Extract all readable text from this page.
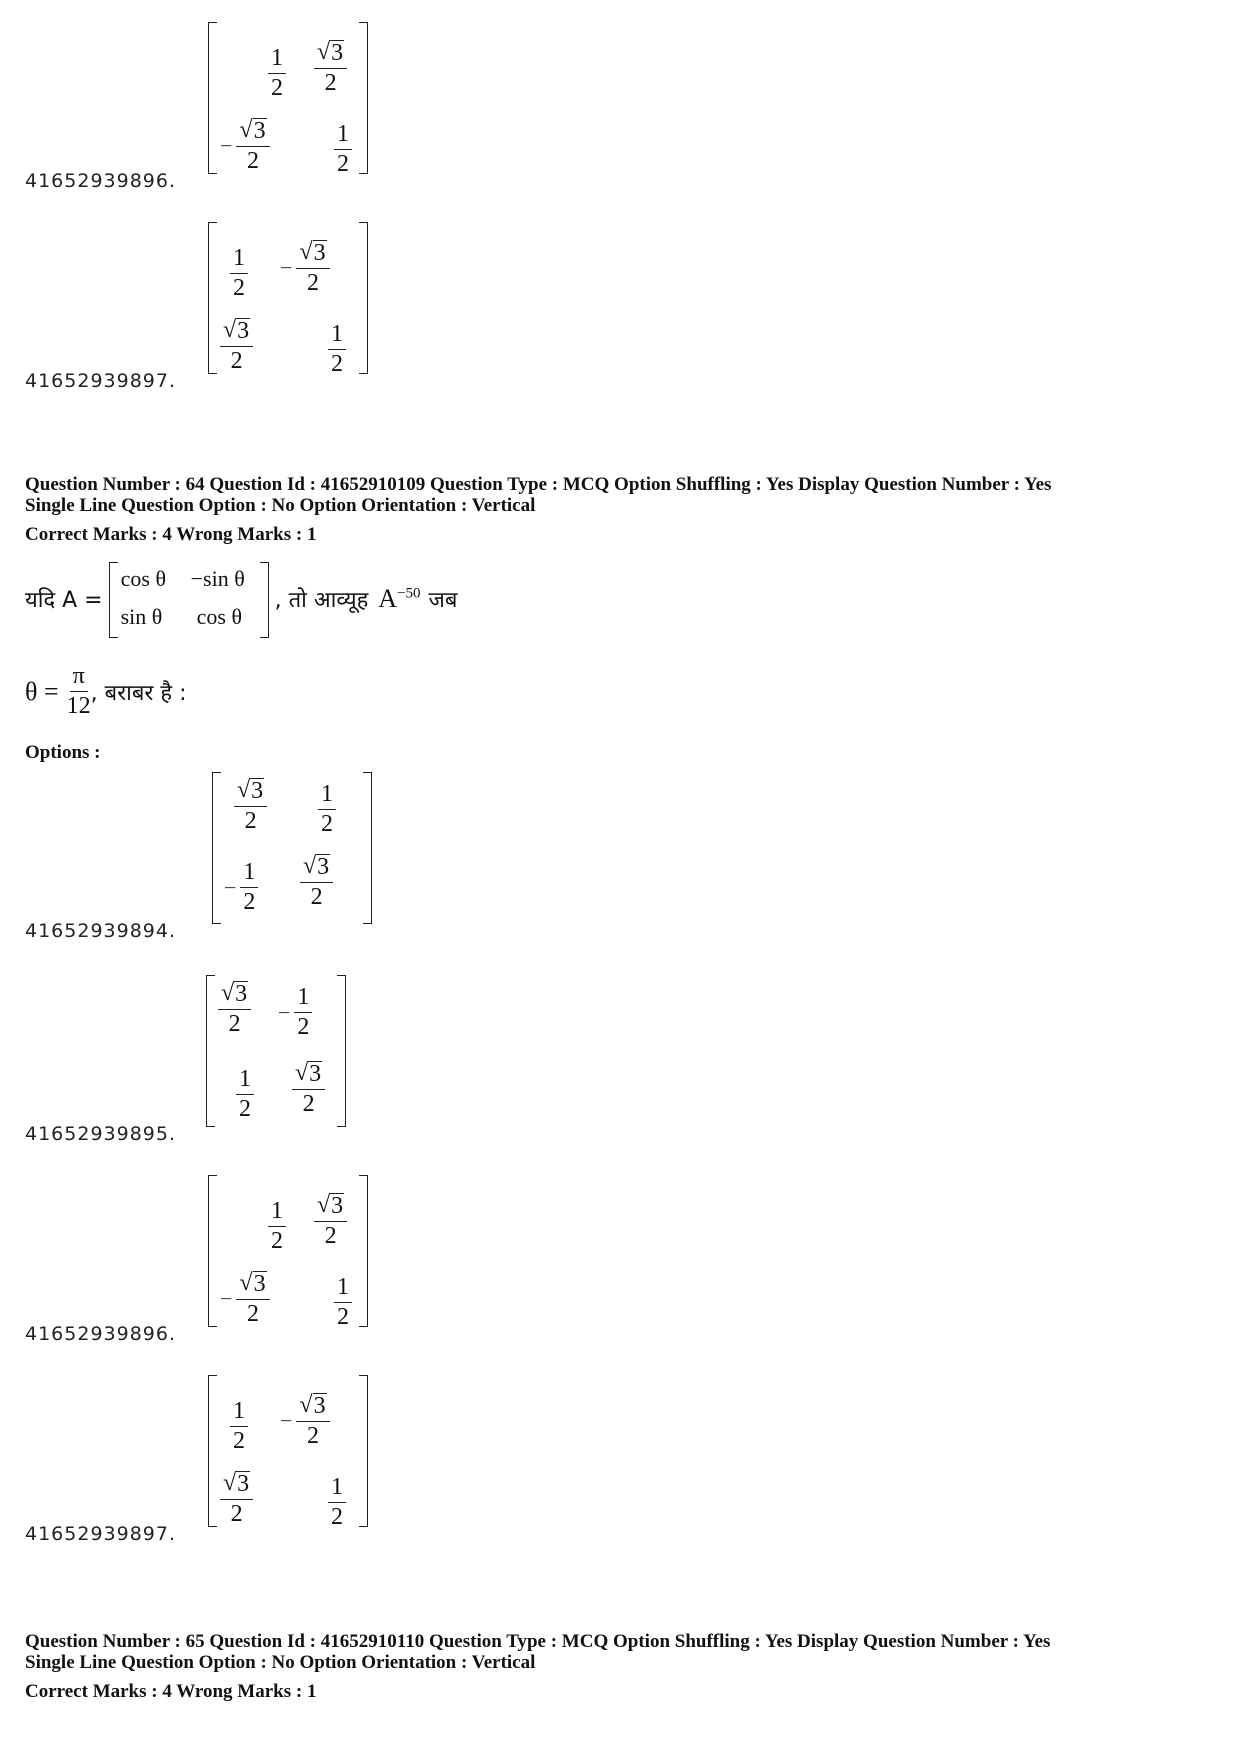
$\frac{1}{2} \frac{√ 3}{2}$
− $\frac{√ 3}{2}$	$\frac{1}{2}$
41652939896.
$\frac{1}{2} - \frac{√ 3}{2}$
$\frac{√ 3}{2}$	$\frac{1}{2}$
41652939897.
Question Number : 64 Question Id : 41652910109 Question Type : MCQ Option Shuffling : Yes Display Question Number : Yes
Single Line Question Option : No Option Orientation : Vertical
Correct Marks : 4 Wrong Marks : 1
यदि A =
cos θ −sin θ
sin θ cos θ
, तो आव्यूह $A^{-50}$ जब
$\theta = \frac{\pi}{12}$ , बराबर है :
Options :
$\frac{√ 3}{2} \frac{1}{2}$
− $\frac{1}{2} \frac{√ 3}{2}$
41652939894.
$\frac{√ 3}{2} - \frac{1}{2}$
$\frac{1}{2} \frac{√ 3}{2}$
41652939895.
$\frac{1}{2} \frac{√ 3}{2}$
− $\frac{√ 3}{2}$	$\frac{1}{2}$
41652939896.
$\frac{1}{2} - \frac{√ 3}{2}$
$\frac{√ 3}{2}$	$\frac{1}{2}$
41652939897.
Question Number : 65 Question Id : 41652910110 Question Type : MCQ Option Shuffling : Yes Display Question Number : Yes
Single Line Question Option : No Option Orientation : Vertical
Correct Marks : 4 Wrong Marks : 1
